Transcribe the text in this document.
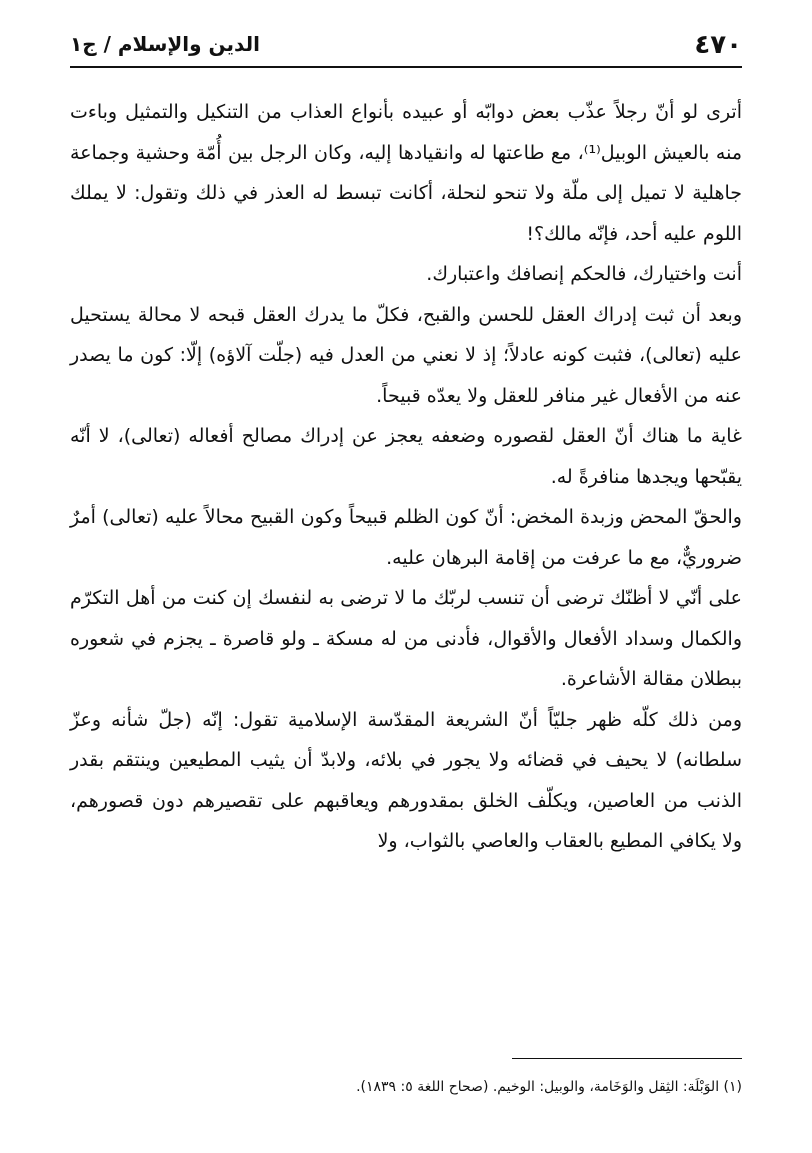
٤٧٠
الدين والإسلام / ج١

أترى لو أنّ رجلاً عذّب بعض دوابّه أو عبيده بأنواع العذاب من التنكيل والتمثيل وباءت منه بالعيش الوبيل⁽¹⁾، مع طاعتها له وانقيادها إليه، وكان الرجل بين أُمّة وحشية وجماعة جاهلية لا تميل إلى ملّة ولا تنحو لنحلة، أكانت تبسط له العذر في ذلك وتقول: لا يملك اللوم عليه أحد، فإنّه مالك؟!

أنت واختيارك، فالحكم إنصافك واعتبارك.

وبعد أن ثبت إدراك العقل للحسن والقبح، فكلّ ما يدرك العقل قبحه لا محالة يستحيل عليه (تعالى)، فثبت كونه عادلاً؛ إذ لا نعني من العدل فيه (جلّت آلاؤه) إلّا: كون ما يصدر عنه من الأفعال غير منافر للعقل ولا يعدّه قبيحاً.

غاية ما هناك أنّ العقل لقصوره وضعفه يعجز عن إدراك مصالح أفعاله (تعالى)، لا أنّه يقبّحها ويجدها منافرةً له.

والحقّ المحض وزبدة المخض: أنّ كون الظلم قبيحاً وكون القبيح محالاً عليه (تعالى) أمرٌ ضروريٌّ، مع ما عرفت من إقامة البرهان عليه.

على أنّي لا أظنّك ترضى أن تنسب لربّك ما لا ترضى به لنفسك إن كنت من أهل التكرّم والكمال وسداد الأفعال والأقوال، فأدنى من له مسكة ـ ولو قاصرة ـ يجزم في شعوره ببطلان مقالة الأشاعرة.

ومن ذلك كلّه ظهر جليّاً أنّ الشريعة المقدّسة الإسلامية تقول: إنّه (جلّ شأنه وعزّ سلطانه) لا يحيف في قضائه ولا يجور في بلائه، ولابدّ أن يثيب المطيعين وينتقم بقدر الذنب من العاصين، ويكلّف الخلق بمقدورهم ويعاقبهم على تقصيرهم دون قصورهم، ولا يكافي المطيع بالعقاب والعاصي بالثواب، ولا

(١) الوَبْلَة: الثِقل والوَخَامة، والوبيل: الوخيم. (صحاح اللغة ٥: ١٨٣٩).
